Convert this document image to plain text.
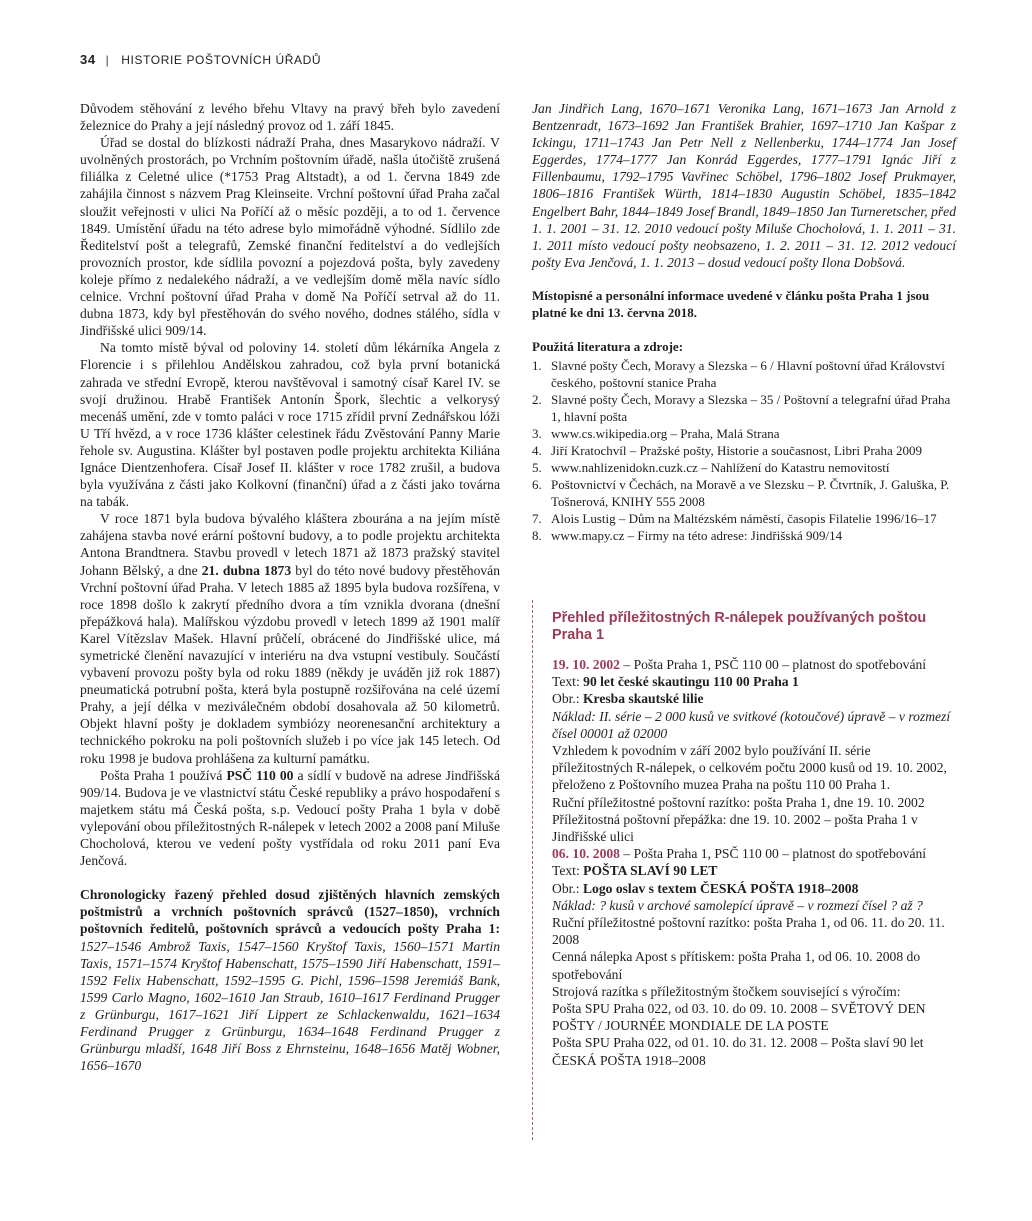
34 | HISTORIE POŠTOVNÍCH ÚŘADŮ

Důvodem stěhování z levého břehu Vltavy na pravý břeh bylo zavedení železnice do Prahy a její následný provoz od 1. září 1845.

Úřad se dostal do blízkosti nádraží Praha, dnes Masarykovo nádraží. V uvolněných prostorách, po Vrchním poštovním úřadě, našla útočiště zrušená filiálka z Celetné ulice (*1753 Prag Altstadt), a od 1. června 1849 zde zahájila činnost s názvem Prag Kleinseite. Vrchní poštovní úřad Praha začal sloužit veřejnosti v ulici Na Poříčí až o měsíc později, a to od 1. července 1849. Umístění úřadu na této adrese bylo mimořádně výhodné. Sídlilo zde Ředitelství pošt a telegrafů, Zemské finanční ředitelství a do vedlejších provozních prostor, kde sídlila povozní a pojezdová pošta, byly zavedeny koleje přímo z nedalekého nádraží, a ve vedlejším domě měla navíc sídlo celnice. Vrchní poštovní úřad Praha v domě Na Poříčí setrval až do 11. dubna 1873, kdy byl přestěhován do svého nového, dodnes stálého, sídla v Jindřišské ulici 909/14.

Na tomto místě býval od poloviny 14. století dům lékárníka Angela z Florencie i s přilehlou Andělskou zahradou, což byla první botanická zahrada ve střední Evropě, kterou navštěvoval i samotný císař Karel IV. se svojí družinou. Hrabě František Antonín Špork, šlechtic a velkorysý mecenáš umění, zde v tomto paláci v roce 1715 zřídil první Zednářskou lóži U Tří hvězd, a v roce 1736 klášter celestinek řádu Zvěstování Panny Marie řehole sv. Augustina. Klášter byl postaven podle projektu architekta Kiliána Ignáce Dientzenhofera. Císař Josef II. klášter v roce 1782 zrušil, a budova byla využívána z části jako Kolkovní (finanční) úřad a z části jako továrna na tabák.

V roce 1871 byla budova bývalého kláštera zbourána a na jejím místě zahájena stavba nové erární poštovní budovy, a to podle projektu architekta Antona Brandtnera. Stavbu provedl v letech 1871 až 1873 pražský stavitel Johann Bělský, a dne 21. dubna 1873 byl do této nové budovy přestěhován Vrchní poštovní úřad Praha. V letech 1885 až 1895 byla budova rozšířena, v roce 1898 došlo k zakrytí předního dvora a tím vznikla dvorana (dnešní přepážková hala). Malířskou výzdobu provedl v letech 1899 až 1901 malíř Karel Vítězslav Mašek. Hlavní průčelí, obrácené do Jindřišské ulice, má symetrické členění navazující v interiéru na dva vstupní vestibuly. Součástí vybavení provozu pošty byla od roku 1889 (někdy je uváděn již rok 1887) pneumatická potrubní pošta, která byla postupně rozšiřována na celé území Prahy, a její délka v meziválečném období dosahovala až 50 kilometrů. Objekt hlavní pošty je dokladem symbiózy neorenesanční architektury a technického pokroku na poli poštovních služeb i po více jak 145 letech. Od roku 1998 je budova prohlášena za kulturní památku.

Pošta Praha 1 používá PSČ 110 00 a sídlí v budově na adrese Jindřišská 909/14. Budova je ve vlastnictví státu České republiky a právo hospodaření s majetkem státu má Česká pošta, s.p. Vedoucí pošty Praha 1 byla v době vylepování obou příležitostných R-nálepek v letech 2002 a 2008 paní Miluše Chocholová, kterou ve vedení pošty vystřídala od roku 2011 paní Eva Jenčová.

Chronologicky řazený přehled dosud zjištěných hlavních zemských poštmistrů a vrchních poštovních správců (1527–1850), vrchních poštovních ředitelů, poštovních správců a vedoucích pošty Praha 1: 1527–1546 Ambrož Taxis, 1547–1560 Kryštof Taxis, 1560–1571 Martin Taxis, 1571–1574 Kryštof Habenschatt, 1575–1590 Jiří Habenschatt, 1591–1592 Felix Habenschatt, 1592–1595 G. Pichl, 1596–1598 Jeremiáš Bank, 1599 Carlo Magno, 1602–1610 Jan Straub, 1610–1617 Ferdinand Prugger z Grünburgu, 1617–1621 Jiří Lippert ze Schlackenwaldu, 1621–1634 Ferdinand Prugger z Grünburgu, 1634–1648 Ferdinand Prugger z Grünburgu mladší, 1648 Jiří Boss z Ehrnsteinu, 1648–1656 Matěj Wobner, 1656–1670

Jan Jindřich Lang, 1670–1671 Veronika Lang, 1671–1673 Jan Arnold z Bentzenradt, 1673–1692 Jan František Brahier, 1697–1710 Jan Kašpar z Ickingu, 1711–1743 Jan Petr Nell z Nellenberku, 1744–1774 Jan Josef Eggerdes, 1774–1777 Jan Konrád Eggerdes, 1777–1791 Ignác Jiří z Fillenbaumu, 1792–1795 Vavřinec Schöbel, 1796–1802 Josef Prukmayer, 1806–1816 František Würth, 1814–1830 Augustin Schöbel, 1835–1842 Engelbert Bahr, 1844–1849 Josef Brandl, 1849–1850 Jan Turneretscher, před 1. 1. 2001 – 31. 12. 2010 vedoucí pošty Miluše Chocholová, 1. 1. 2011 – 31. 1. 2011 místo vedoucí pošty neobsazeno, 1. 2. 2011 – 31. 12. 2012 vedoucí pošty Eva Jenčová, 1. 1. 2013 – dosud vedoucí pošty Ilona Dobšová.

Místopisné a personální informace uvedené v článku pošta Praha 1 jsou platné ke dni 13. června 2018.

Použitá literatura a zdroje:
1. Slavné pošty Čech, Moravy a Slezska – 6 / Hlavní poštovní úřad Království českého, poštovní stanice Praha
2. Slavné pošty Čech, Moravy a Slezska – 35 / Poštovní a telegrafní úřad Praha 1, hlavní pošta
3. www.cs.wikipedia.org – Praha, Malá Strana
4. Jiří Kratochvíl – Pražské pošty, Historie a současnost, Libri Praha 2009
5. www.nahlizenidokn.cuzk.cz – Nahlížení do Katastru nemovitostí
6. Poštovnictví v Čechách, na Moravě a ve Slezsku – P. Čtvrtník, J. Galuška, P. Tošnerová, KNIHY 555 2008
7. Alois Lustig – Dům na Maltézském náměstí, časopis Filatelie 1996/16–17
8. www.mapy.cz – Firmy na této adrese: Jindřišská 909/14
Přehled příležitostných R-nálepek používaných poštou Praha 1

19. 10. 2002 – Pošta Praha 1, PSČ 110 00 – platnost do spotřebování

Text: 90 let české skautingu 110 00 Praha 1

Obr.: Kresba skautské lilie

Náklad: II. série – 2 000 kusů ve svitkové (kotoučové) úpravě – v rozmezí čísel 00001 až 02000

Vzhledem k povodním v září 2002 bylo používání II. série příležitostných R-nálepek, o celkovém počtu 2000 kusů od 19. 10. 2002, přeloženo z Poštovního muzea Praha na poštu 110 00 Praha 1.

Ruční příležitostné poštovní razítko: pošta Praha 1, dne 19. 10. 2002

Příležitostná poštovní přepážka: dne 19. 10. 2002 – pošta Praha 1 v Jindřišské ulici

06. 10. 2008 – Pošta Praha 1, PSČ 110 00 – platnost do spotřebování

Text: POŠTA SLAVÍ 90 LET

Obr.: Logo oslav s textem ČESKÁ POŠTA 1918–2008

Náklad: ? kusů v archové samolepící úpravě – v rozmezí čísel ? až ?

Ruční příležitostné poštovní razítko: pošta Praha 1, od 06. 11. do 20. 11. 2008

Cenná nálepka Apost s přítiskem: pošta Praha 1, od 06. 10. 2008 do spotřebování

Strojová razítka s příležitostným štočkem související s výročím:

Pošta SPU Praha 022, od 03. 10. do 09. 10. 2008 – SVĚTOVÝ DEN POŠTY / JOURNÉE MONDIALE DE LA POSTE

Pošta SPU Praha 022, od 01. 10. do 31. 12. 2008 – Pošta slaví 90 let ČESKÁ POŠTA 1918–2008
